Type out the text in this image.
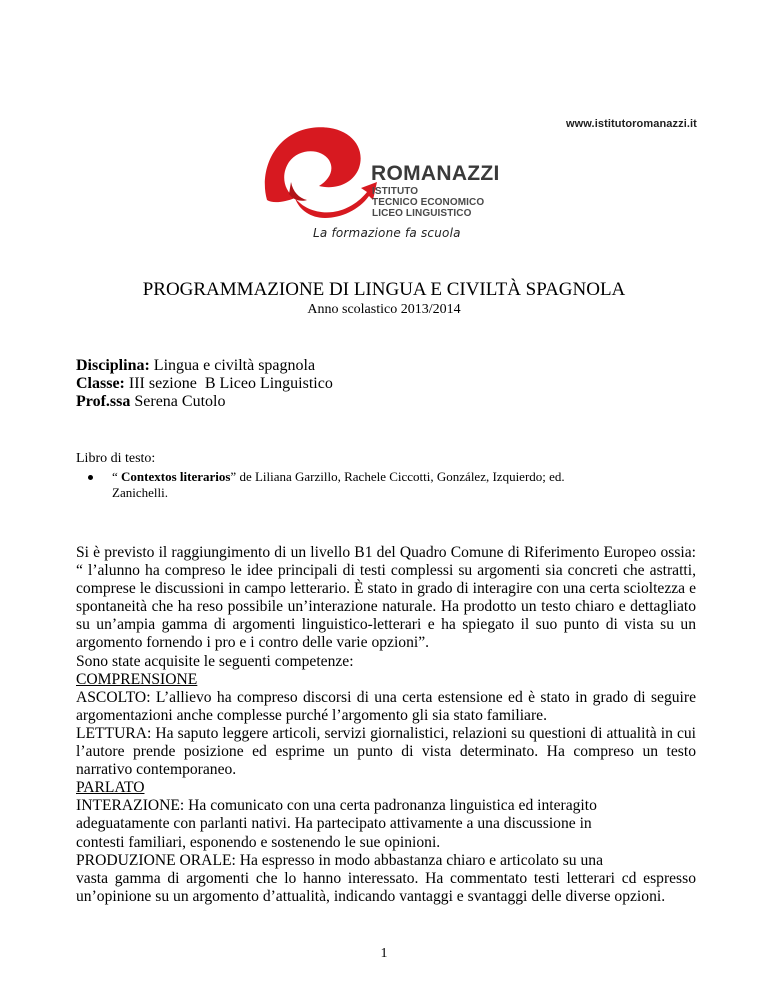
www.istitutoromanazzi.it
ROMANAZZI
ISTITUTO
TECNICO ECONOMICO
LICEO LINGUISTICO
La formazione fa scuola
PROGRAMMAZIONE DI LINGUA E CIVILTÀ SPAGNOLA
Anno scolastico 2013/2014
Disciplina: Lingua e civiltà spagnola
Classe: III sezione  B Liceo Linguistico
Prof.ssa Serena Cutolo
Libro di testo:
“ Contextos literarios” de Liliana Garzillo, Rachele Ciccotti, González, Izquierdo; ed. Zanichelli.
Si è previsto il raggiungimento di un livello B1 del Quadro Comune di Riferimento Europeo ossia: “ l’alunno ha compreso le idee principali di testi complessi su argomenti sia concreti che astratti, comprese le discussioni in campo letterario. È stato in grado di interagire con una certa scioltezza e spontaneità che ha reso possibile un’interazione naturale. Ha prodotto un testo chiaro e dettagliato su un’ampia gamma di argomenti linguistico-letterari e ha spiegato il suo punto di vista su un argomento fornendo i pro e i contro delle varie opzioni”.
Sono state acquisite le seguenti competenze:
COMPRENSIONE
ASCOLTO: L’allievo ha compreso discorsi di una certa estensione ed è stato in grado di seguire argomentazioni anche complesse purché l’argomento gli sia stato familiare.
LETTURA: Ha saputo leggere articoli, servizi giornalistici, relazioni su questioni di attualità in cui l’autore prende posizione ed esprime un punto di vista determinato. Ha compreso un testo narrativo contemporaneo.
PARLATO
INTERAZIONE: Ha comunicato con una certa padronanza linguistica ed interagito
adeguatamente con parlanti nativi. Ha partecipato attivamente a una discussione in
contesti familiari, esponendo e sostenendo le sue opinioni.
PRODUZIONE ORALE: Ha espresso in modo abbastanza chiaro e articolato su una
vasta gamma di argomenti che lo hanno interessato. Ha commentato testi letterari cd espresso un’opinione su un argomento d’attualità, indicando vantaggi e svantaggi delle diverse opzioni.
1
